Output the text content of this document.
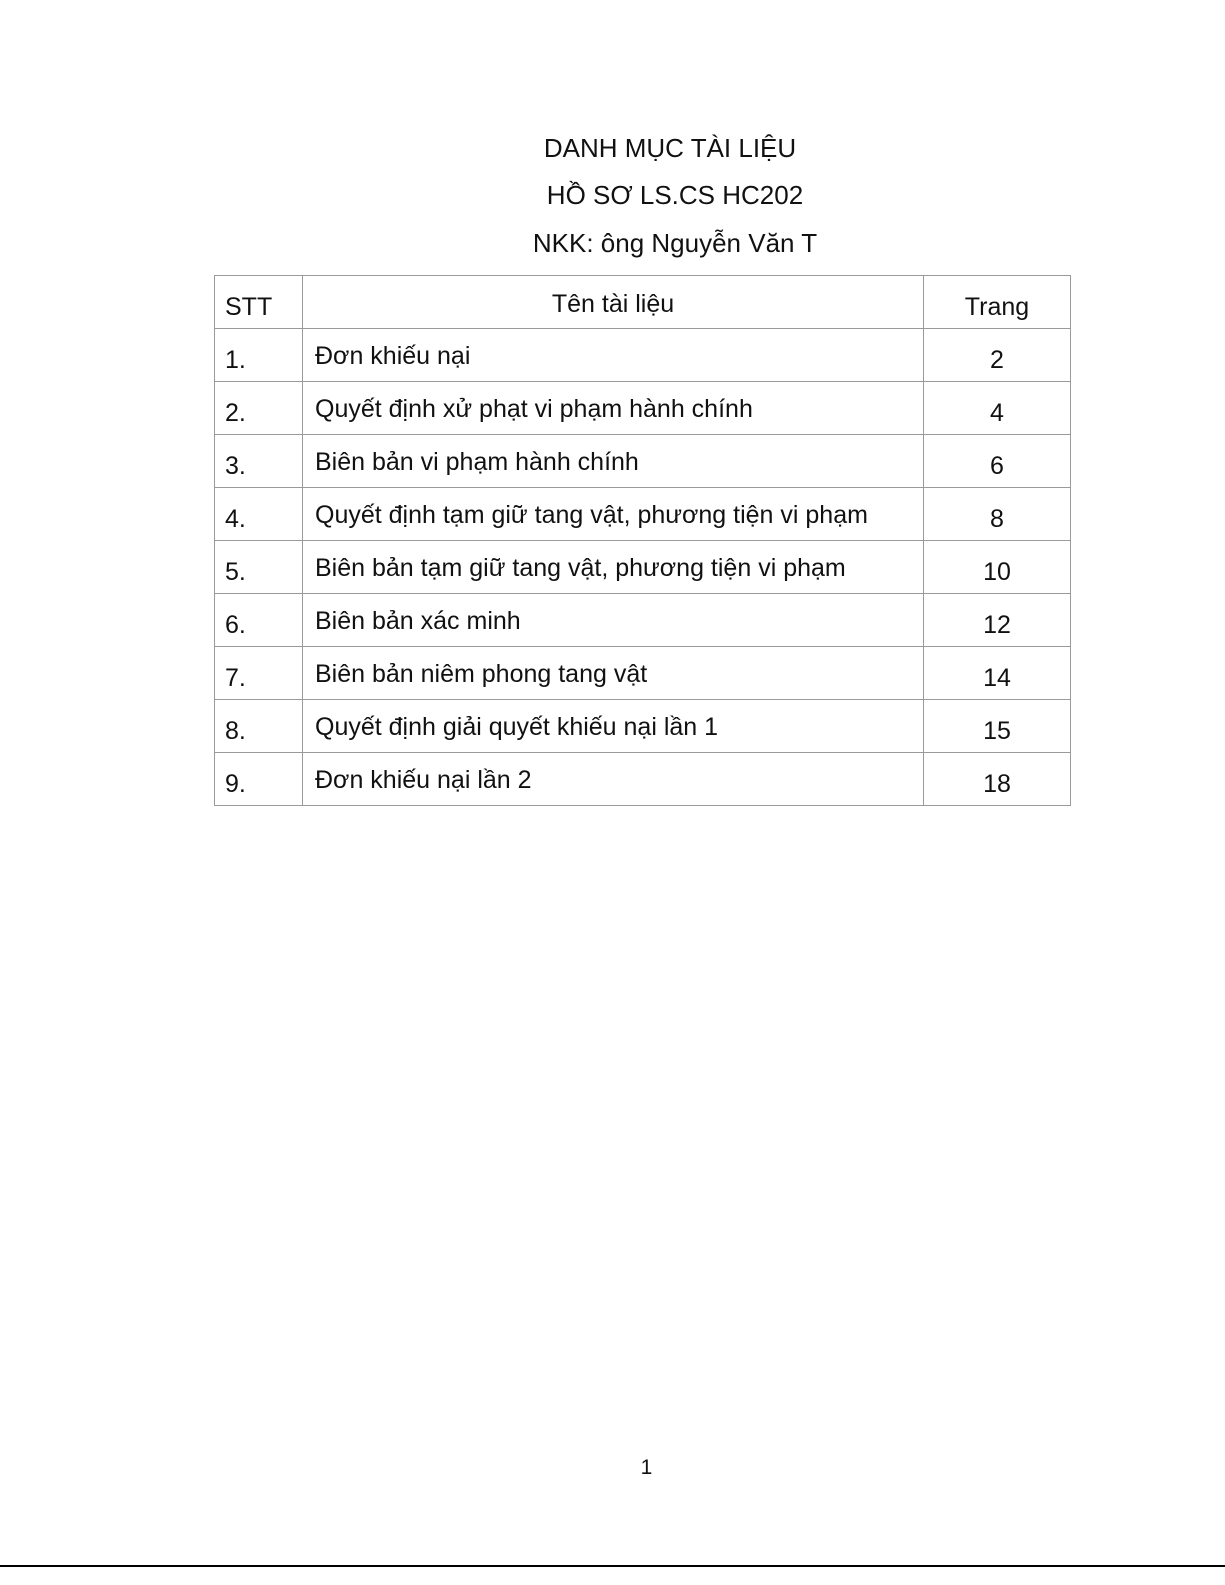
DANH MỤC TÀI LIỆU
HỒ SƠ LS.CS HC202
NKK: ông Nguyễn Văn T
STT	Tên tài liệu	Trang
1.	Đơn khiếu nại	2
2.	Quyết định xử phạt vi phạm hành chính	4
3.	Biên bản vi phạm hành chính	6
4.	Quyết định tạm giữ tang vật, phương tiện vi phạm	8
5.	Biên bản tạm giữ tang vật, phương tiện vi phạm	10
6.	Biên bản xác minh	12
7.	Biên bản niêm phong tang vật	14
8.	Quyết định giải quyết khiếu nại lần 1	15
9.	Đơn khiếu nại lần 2	18
1
